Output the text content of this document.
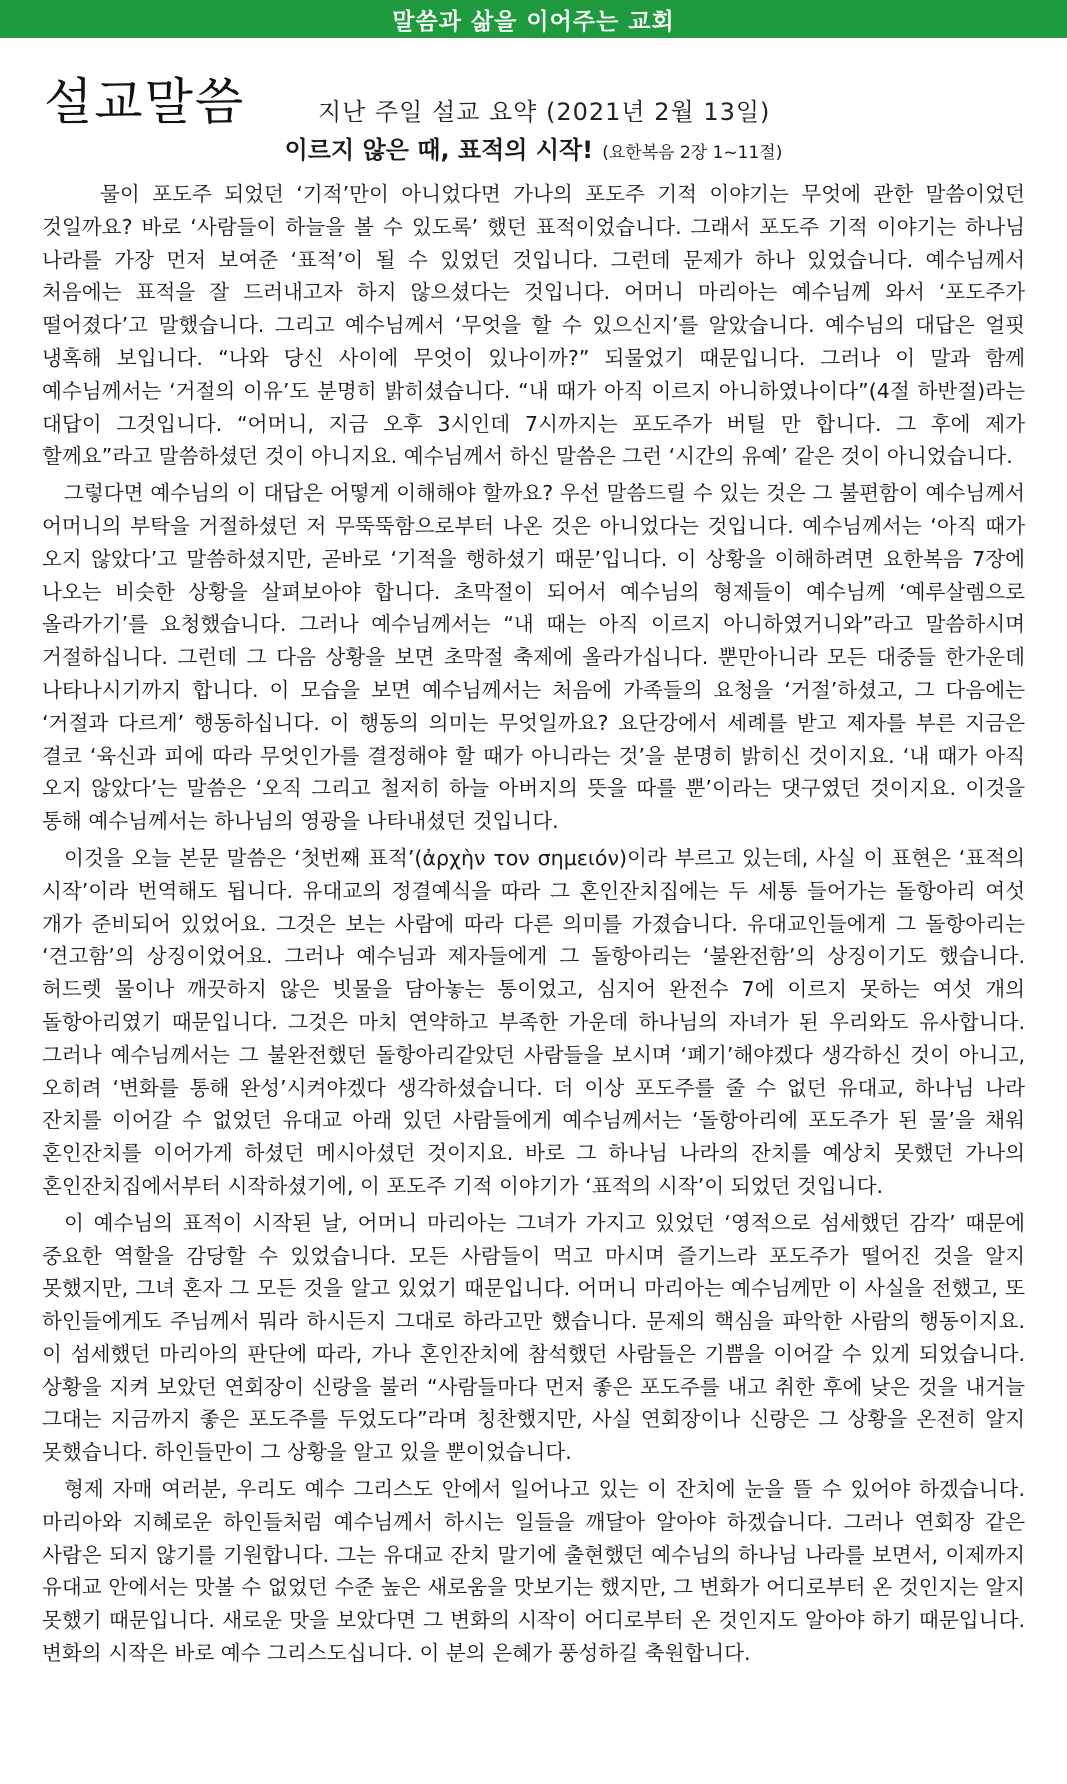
말씀과 삶을 이어주는 교회
설교말씀	지난 주일 설교 요약 (2021년 2월 13일)
이르지 않은 때, 표적의 시작! (요한복음 2장 1~11절)

물이 포도주 되었던 ‘기적’만이 아니었다면 가나의 포도주 기적 이야기는 무엇에 관한 말씀이었던 것일까요? 바로 ‘사람들이 하늘을 볼 수 있도록’ 했던 표적이었습니다. 그래서 포도주 기적 이야기는 하나님 나라를 가장 먼저 보여준 ‘표적’이 될 수 있었던 것입니다. 그런데 문제가 하나 있었습니다. 예수님께서 처음에는 표적을 잘 드러내고자 하지 않으셨다는 것입니다. 어머니 마리아는 예수님께 와서 ‘포도주가 떨어졌다’고 말했습니다. 그리고 예수님께서 ‘무엇을 할 수 있으신지’를 알았습니다. 예수님의 대답은 얼핏 냉혹해 보입니다. “나와 당신 사이에 무엇이 있나이까?” 되물었기 때문입니다. 그러나 이 말과 함께 예수님께서는 ‘거절의 이유’도 분명히 밝히셨습니다. “내 때가 아직 이르지 아니하였나이다”(4절 하반절)라는 대답이 그것입니다. “어머니, 지금 오후 3시인데 7시까지는 포도주가 버틸 만 합니다. 그 후에 제가 할께요”라고 말씀하셨던 것이 아니지요. 예수님께서 하신 말씀은 그런 ‘시간의 유예’ 같은 것이 아니었습니다.

그렇다면 예수님의 이 대답은 어떻게 이해해야 할까요? 우선 말씀드릴 수 있는 것은 그 불편함이 예수님께서 어머니의 부탁을 거절하셨던 저 무뚝뚝함으로부터 나온 것은 아니었다는 것입니다. 예수님께서는 ‘아직 때가 오지 않았다’고 말씀하셨지만, 곧바로 ‘기적을 행하셨기 때문’입니다. 이 상황을 이해하려면 요한복음 7장에 나오는 비슷한 상황을 살펴보아야 합니다. 초막절이 되어서 예수님의 형제들이 예수님께 ‘예루살렘으로 올라가기’를 요청했습니다. 그러나 예수님께서는 “내 때는 아직 이르지 아니하였거니와”라고 말씀하시며 거절하십니다. 그런데 그 다음 상황을 보면 초막절 축제에 올라가십니다. 뿐만아니라 모든 대중들 한가운데 나타나시기까지 합니다. 이 모습을 보면 예수님께서는 처음에 가족들의 요청을 ‘거절’하셨고, 그 다음에는 ‘거절과 다르게’ 행동하십니다. 이 행동의 의미는 무엇일까요? 요단강에서 세례를 받고 제자를 부른 지금은 결코 ‘육신과 피에 따라 무엇인가를 결정해야 할 때가 아니라는 것’을 분명히 밝히신 것이지요. ‘내 때가 아직 오지 않았다’는 말씀은 ‘오직 그리고 철저히 하늘 아버지의 뜻을 따를 뿐’이라는 댓구였던 것이지요. 이것을 통해 예수님께서는 하나님의 영광을 나타내셨던 것입니다.

이것을 오늘 본문 말씀은 ‘첫번째 표적’(ἀρχὴν τον σημειόν)이라 부르고 있는데, 사실 이 표현은 ‘표적의 시작’이라 번역해도 됩니다. 유대교의 정결예식을 따라 그 혼인잔치집에는 두 세통 들어가는 돌항아리 여섯 개가 준비되어 있었어요. 그것은 보는 사람에 따라 다른 의미를 가졌습니다. 유대교인들에게 그 돌항아리는 ‘견고함’의 상징이었어요. 그러나 예수님과 제자들에게 그 돌항아리는 ‘불완전함’의 상징이기도 했습니다. 허드렛 물이나 깨끗하지 않은 빗물을 담아놓는 통이었고, 심지어 완전수 7에 이르지 못하는 여섯 개의 돌항아리였기 때문입니다. 그것은 마치 연약하고 부족한 가운데 하나님의 자녀가 된 우리와도 유사합니다. 그러나 예수님께서는 그 불완전했던 돌항아리같았던 사람들을 보시며 ‘폐기’해야겠다 생각하신 것이 아니고, 오히려 ‘변화를 통해 완성’시켜야겠다 생각하셨습니다. 더 이상 포도주를 줄 수 없던 유대교, 하나님 나라 잔치를 이어갈 수 없었던 유대교 아래 있던 사람들에게 예수님께서는 ‘돌항아리에 포도주가 된 물’을 채워 혼인잔치를 이어가게 하셨던 메시아셨던 것이지요. 바로 그 하나님 나라의 잔치를 예상치 못했던 가나의 혼인잔치집에서부터 시작하셨기에, 이 포도주 기적 이야기가 ‘표적의 시작’이 되었던 것입니다.

이 예수님의 표적이 시작된 날, 어머니 마리아는 그녀가 가지고 있었던 ‘영적으로 섬세했던 감각’ 때문에 중요한 역할을 감당할 수 있었습니다. 모든 사람들이 먹고 마시며 즐기느라 포도주가 떨어진 것을 알지 못했지만, 그녀 혼자 그 모든 것을 알고 있었기 때문입니다. 어머니 마리아는 예수님께만 이 사실을 전했고, 또 하인들에게도 주님께서 뭐라 하시든지 그대로 하라고만 했습니다. 문제의 핵심을 파악한 사람의 행동이지요. 이 섬세했던 마리아의 판단에 따라, 가나 혼인잔치에 참석했던 사람들은 기쁨을 이어갈 수 있게 되었습니다. 상황을 지켜 보았던 연회장이 신랑을 불러 “사람들마다 먼저 좋은 포도주를 내고 취한 후에 낮은 것을 내거늘 그대는 지금까지 좋은 포도주를 두었도다”라며 칭찬했지만, 사실 연회장이나 신랑은 그 상황을 온전히 알지 못했습니다. 하인들만이 그 상황을 알고 있을 뿐이었습니다.

형제 자매 여러분, 우리도 예수 그리스도 안에서 일어나고 있는 이 잔치에 눈을 뜰 수 있어야 하겠습니다. 마리아와 지혜로운 하인들처럼 예수님께서 하시는 일들을 깨달아 알아야 하겠습니다. 그러나 연회장 같은 사람은 되지 않기를 기원합니다. 그는 유대교 잔치 말기에 출현했던 예수님의 하나님 나라를 보면서, 이제까지 유대교 안에서는 맛볼 수 없었던 수준 높은 새로움을 맛보기는 했지만, 그 변화가 어디로부터 온 것인지는 알지 못했기 때문입니다. 새로운 맛을 보았다면 그 변화의 시작이 어디로부터 온 것인지도 알아야 하기 때문입니다. 변화의 시작은 바로 예수 그리스도십니다. 이 분의 은혜가 풍성하길 축원합니다.
